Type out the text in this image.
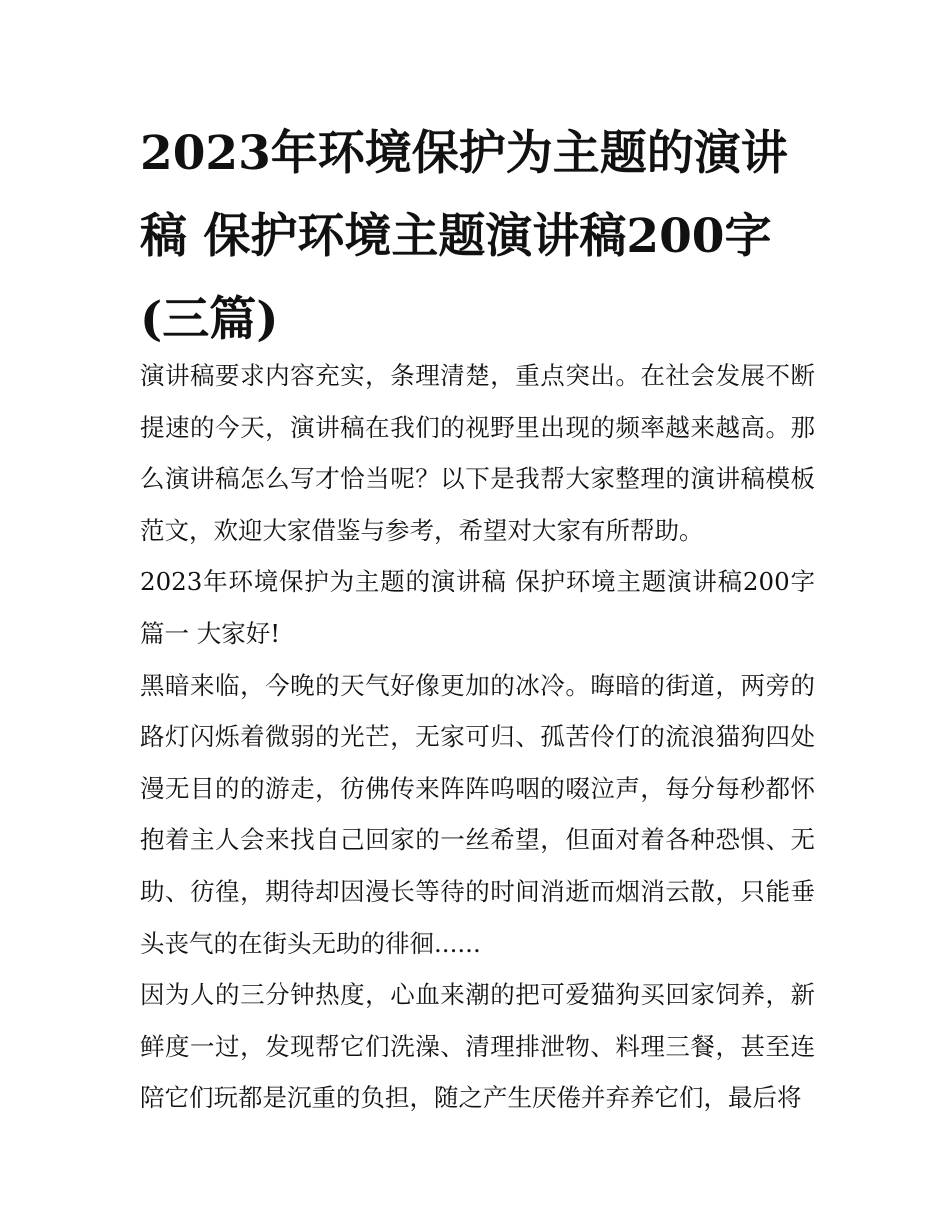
2023年环境保护为主题的演讲稿 保护环境主题演讲稿200字(三篇)

演讲稿要求内容充实，条理清楚，重点突出。在社会发展不断提速的今天，演讲稿在我们的视野里出现的频率越来越高。那么演讲稿怎么写才恰当呢？以下是我帮大家整理的演讲稿模板范文，欢迎大家借鉴与参考，希望对大家有所帮助。

2023年环境保护为主题的演讲稿 保护环境主题演讲稿200字 篇一 大家好!

黑暗来临，今晚的天气好像更加的冰冷。晦暗的街道，两旁的路灯闪烁着微弱的光芒，无家可归、孤苦伶仃的流浪猫狗四处漫无目的的游走，彷佛传来阵阵呜咽的啜泣声，每分每秒都怀抱着主人会来找自己回家的一丝希望，但面对着各种恐惧、无助、彷徨，期待却因漫长等待的时间消逝而烟消云散，只能垂头丧气的在街头无助的徘徊......

因为人的三分钟热度，心血来潮的把可爱猫狗买回家饲养，新鲜度一过，发现帮它们洗澡、清理排泄物、料理三餐，甚至连陪它们玩都是沉重的负担，随之产生厌倦并弃养它们，最后将
